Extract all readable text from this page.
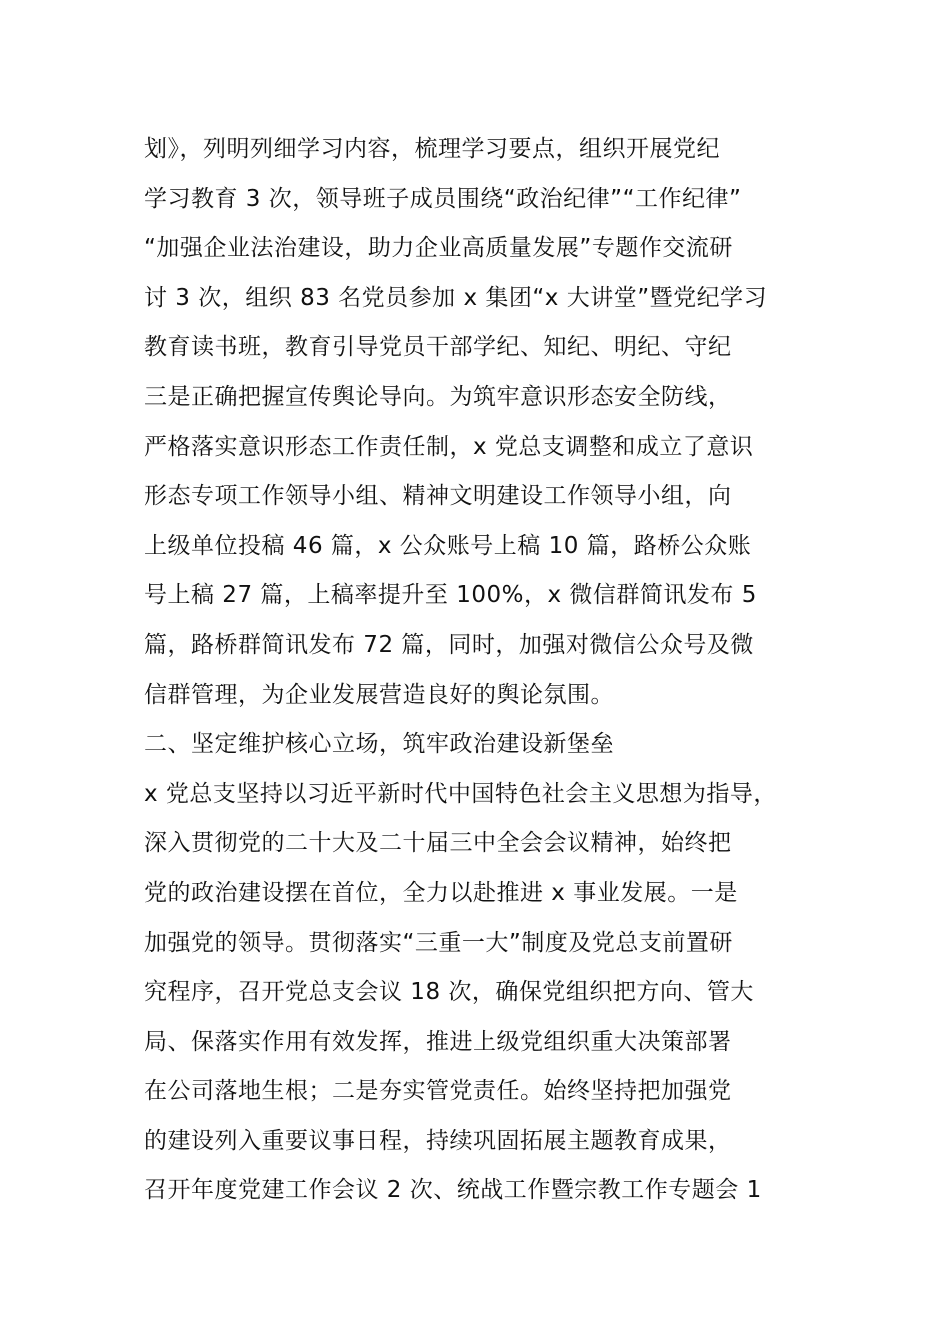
划》，列明列细学习内容，梳理学习要点，组织开展党纪
学习教育 3 次，领导班子成员围绕“政治纪律”“工作纪律”
“加强企业法治建设，助力企业高质量发展”专题作交流研
讨 3 次，组织 83 名党员参加 x 集团“x 大讲堂”暨党纪学习
教育读书班，教育引导党员干部学纪、知纪、明纪、守纪
三是正确把握宣传舆论导向。为筑牢意识形态安全防线，
严格落实意识形态工作责任制，x 党总支调整和成立了意识
形态专项工作领导小组、精神文明建设工作领导小组，向
上级单位投稿 46 篇，x 公众账号上稿 10 篇，路桥公众账
号上稿 27 篇，上稿率提升至 100%，x 微信群简讯发布 5
篇，路桥群简讯发布 72 篇，同时，加强对微信公众号及微
信群管理，为企业发展营造良好的舆论氛围。
二、坚定维护核心立场，筑牢政治建设新堡垒
x 党总支坚持以习近平新时代中国特色社会主义思想为指导，
深入贯彻党的二十大及二十届三中全会会议精神，始终把
党的政治建设摆在首位，全力以赴推进 x 事业发展。一是
加强党的领导。贯彻落实“三重一大”制度及党总支前置研
究程序，召开党总支会议 18 次，确保党组织把方向、管大
局、保落实作用有效发挥，推进上级党组织重大决策部署
在公司落地生根；二是夯实管党责任。始终坚持把加强党
的建设列入重要议事日程，持续巩固拓展主题教育成果，
召开年度党建工作会议 2 次、统战工作暨宗教工作专题会 1
